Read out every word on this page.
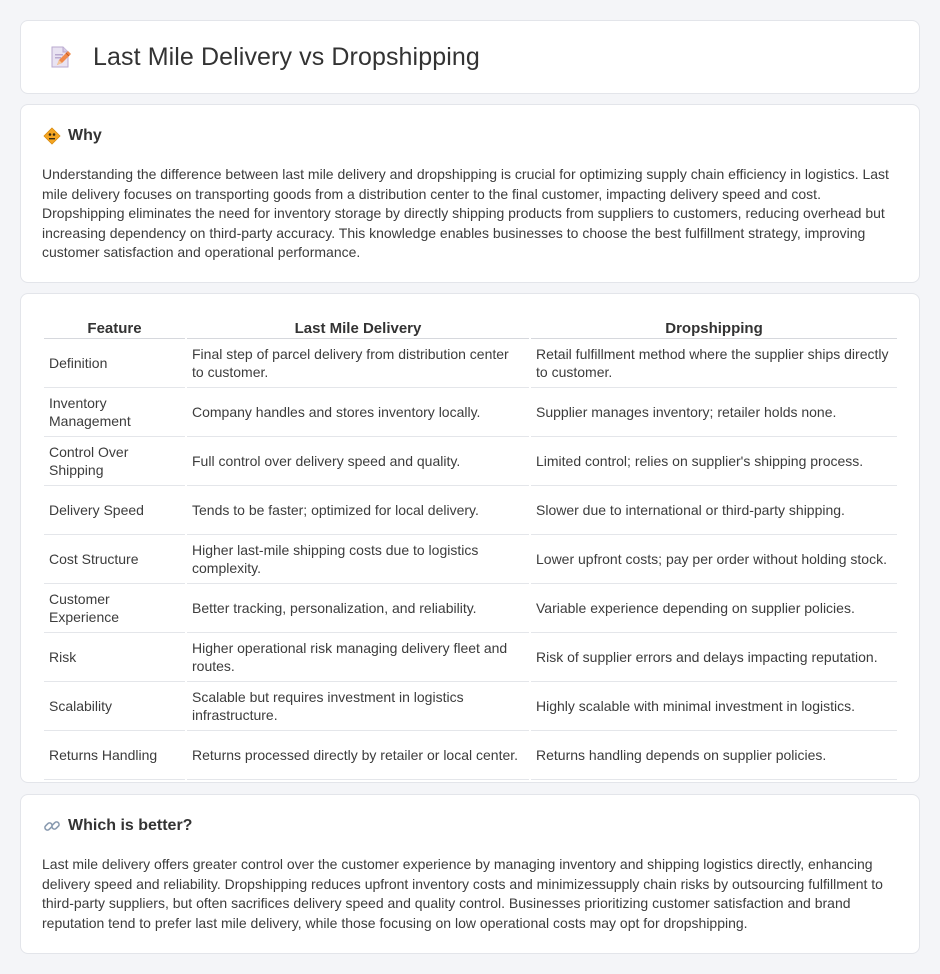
Last Mile Delivery vs Dropshipping
Why

Understanding the difference between last mile delivery and dropshipping is crucial for optimizing supply chain efficiency in logistics. Last mile delivery focuses on transporting goods from a distribution center to the final customer, impacting delivery speed and cost. Dropshipping eliminates the need for inventory storage by directly shipping products from suppliers to customers, reducing overhead but increasing dependency on third-party accuracy. This knowledge enables businesses to choose the best fulfillment strategy, improving customer satisfaction and operational performance.

Feature	Last Mile Delivery	Dropshipping
Definition	Final step of parcel delivery from distribution center to customer.	Retail fulfillment method where the supplier ships directly to customer.
Inventory Management	Company handles and stores inventory locally.	Supplier manages inventory; retailer holds none.
Control Over Shipping	Full control over delivery speed and quality.	Limited control; relies on supplier's shipping process.
Delivery Speed	Tends to be faster; optimized for local delivery.	Slower due to international or third-party shipping.
Cost Structure	Higher last-mile shipping costs due to logistics complexity.	Lower upfront costs; pay per order without holding stock.
Customer Experience	Better tracking, personalization, and reliability.	Variable experience depending on supplier policies.
Risk	Higher operational risk managing delivery fleet and routes.	Risk of supplier errors and delays impacting reputation.
Scalability	Scalable but requires investment in logistics infrastructure.	Highly scalable with minimal investment in logistics.
Returns Handling	Returns processed directly by retailer or local center.	Returns handling depends on supplier policies.
Which is better?

Last mile delivery offers greater control over the customer experience by managing inventory and shipping logistics directly, enhancing delivery speed and reliability. Dropshipping reduces upfront inventory costs and minimizessupply chain risks by outsourcing fulfillment to third-party suppliers, but often sacrifices delivery speed and quality control. Businesses prioritizing customer satisfaction and brand reputation tend to prefer last mile delivery, while those focusing on low operational costs may opt for dropshipping.
